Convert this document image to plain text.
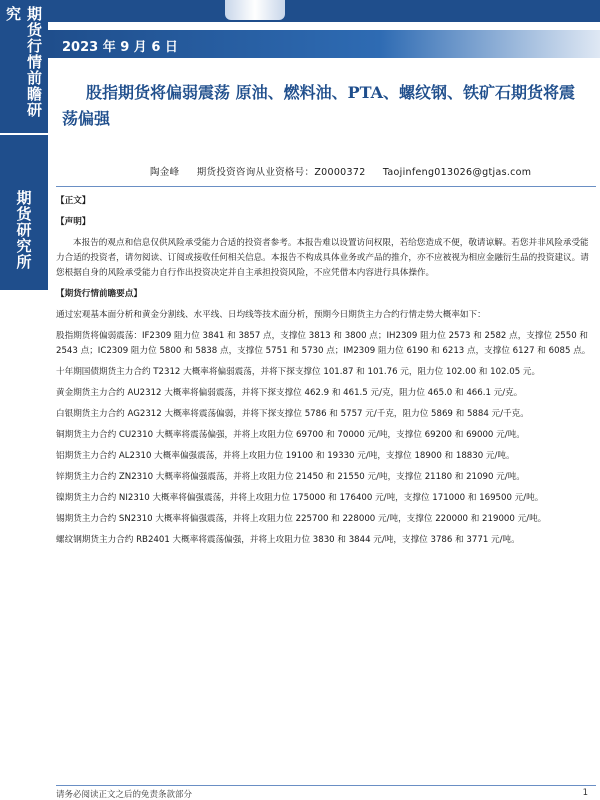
期货行情前瞻研究
期货研究所
2023 年 9 月 6 日
股指期货将偏弱震荡 原油、燃料油、PTA、螺纹钢、铁矿石期货将震荡偏强
陶金峰 期货投资咨询从业资格号：Z0000372 Taojinfeng013026@gtjas.com
【正文】
【声明】
本报告的观点和信息仅供风险承受能力合适的投资者参考。本报告难以设置访问权限，若给您造成不便，敬请谅解。若您并非风险承受能力合适的投资者，请勿阅读、订阅或接收任何相关信息。本报告不构成具体业务或产品的推介，亦不应被视为相应金融衍生品的投资建议。请您根据自身的风险承受能力自行作出投资决定并自主承担投资风险，不应凭借本内容进行具体操作。
【期货行情前瞻要点】
通过宏观基本面分析和黄金分割线、水平线、日均线等技术面分析，预期今日期货主力合约行情走势大概率如下：
股指期货将偏弱震荡：IF2309 阻力位 3841 和 3857 点，支撑位 3813 和 3800 点；IH2309 阻力位 2573 和 2582 点，支撑位 2550 和 2543 点；IC2309 阻力位 5800 和 5838 点，支撑位 5751 和 5730 点；IM2309 阻力位 6190 和 6213 点，支撑位 6127 和 6085 点。
十年期国债期货主力合约 T2312 大概率将偏弱震荡，并将下探支撑位 101.87 和 101.76 元，阻力位 102.00 和 102.05 元。
黄金期货主力合约 AU2312 大概率将偏弱震荡，并将下探支撑位 462.9 和 461.5 元/克，阻力位 465.0 和 466.1 元/克。
白银期货主力合约 AG2312 大概率将震荡偏弱，并将下探支撑位 5786 和 5757 元/千克，阻力位 5869 和 5884 元/千克。
铜期货主力合约 CU2310 大概率将震荡偏强，并将上攻阻力位 69700 和 70000 元/吨，支撑位 69200 和 69000 元/吨。
铝期货主力合约 AL2310 大概率偏强震荡，并将上攻阻力位 19100 和 19330 元/吨，支撑位 18900 和 18830 元/吨。
锌期货主力合约 ZN2310 大概率将偏强震荡，并将上攻阻力位 21450 和 21550 元/吨，支撑位 21180 和 21090 元/吨。
镍期货主力合约 NI2310 大概率将偏强震荡，并将上攻阻力位 175000 和 176400 元/吨，支撑位 171000 和 169500 元/吨。
锡期货主力合约 SN2310 大概率将偏强震荡，并将上攻阻力位 225700 和 228000 元/吨，支撑位 220000 和 219000 元/吨。
螺纹钢期货主力合约 RB2401 大概率将震荡偏强，并将上攻阻力位 3830 和 3844 元/吨，支撑位 3786 和 3771 元/吨。
请务必阅读正文之后的免责条款部分	1
